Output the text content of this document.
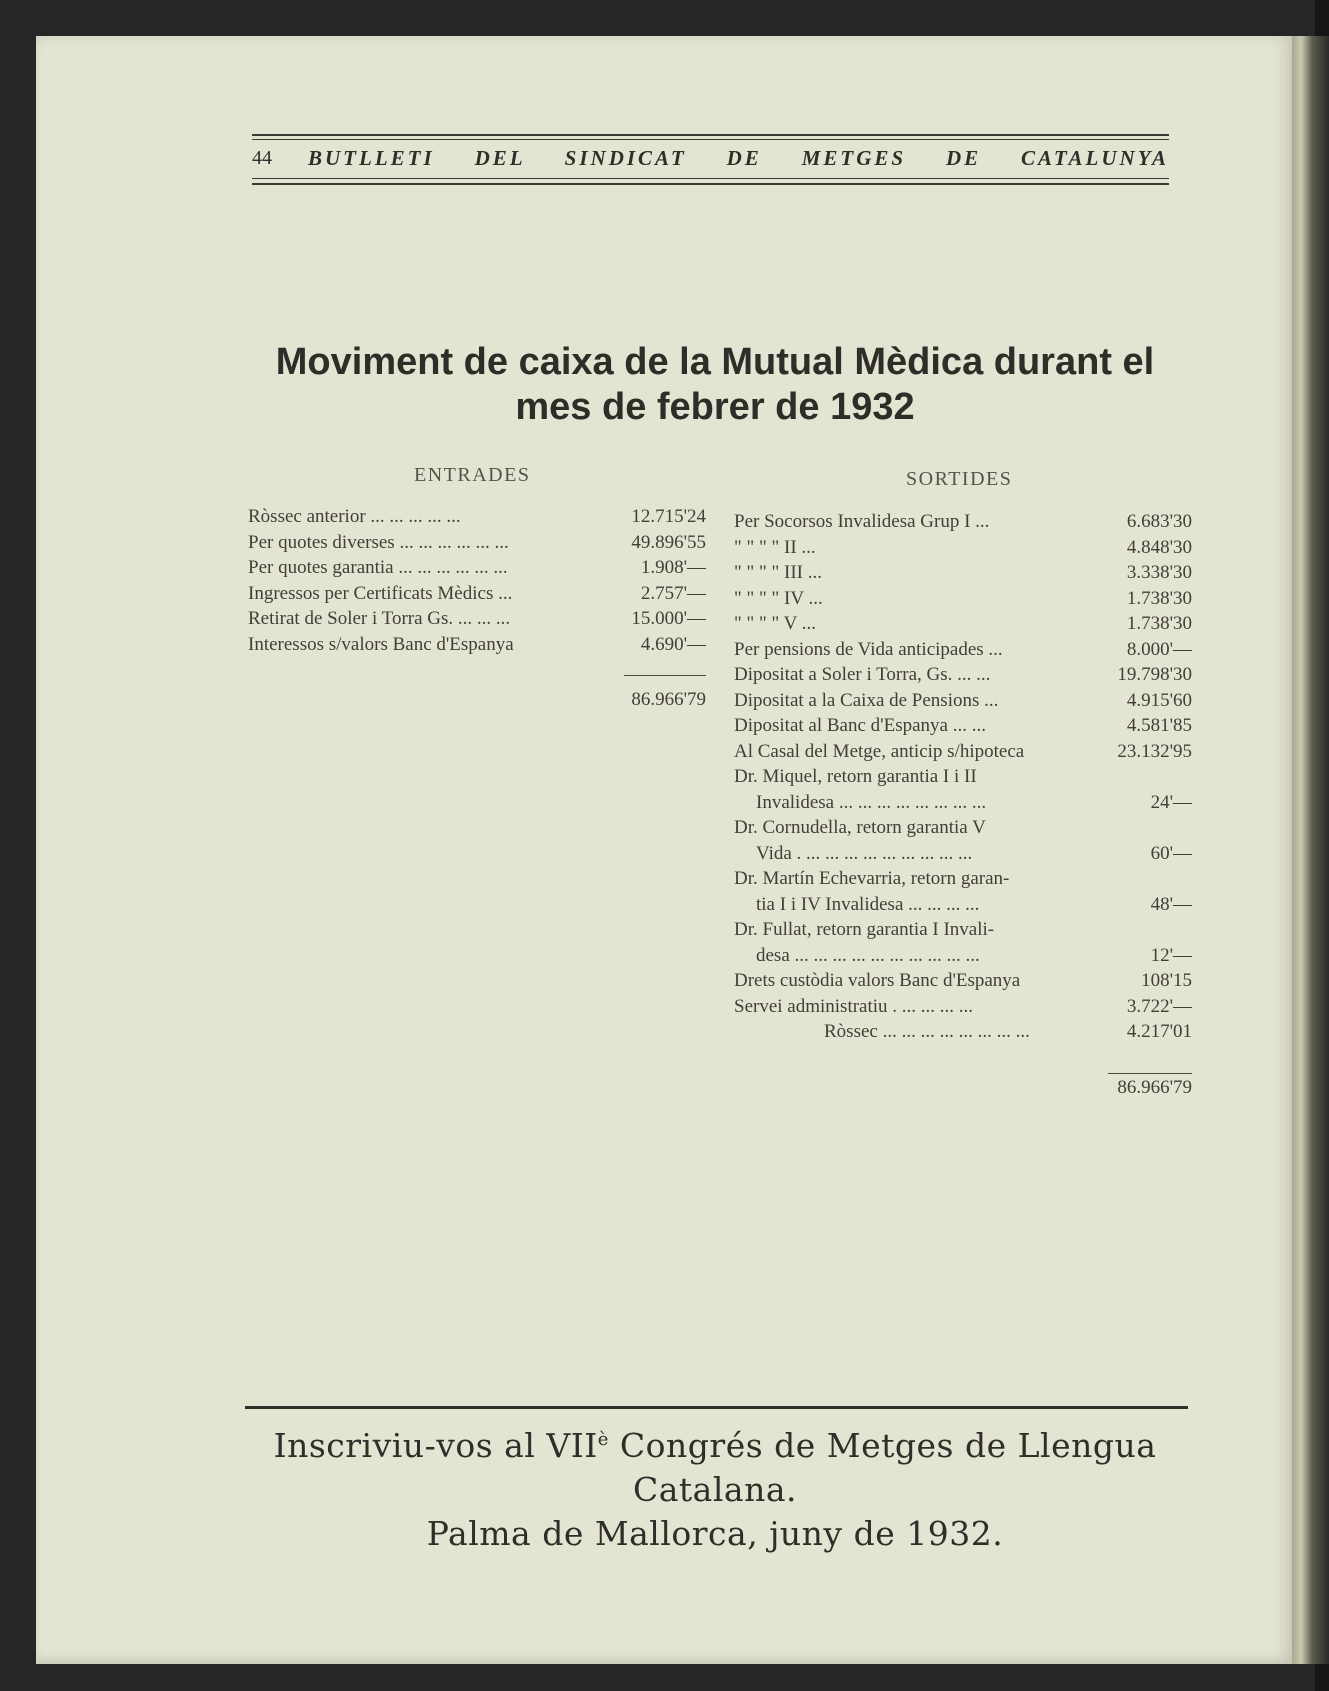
44 BUTLLETI DEL SINDICAT DE METGES DE CATALUNYA
Moviment de caixa de la Mutual Mèdica durant el
mes de febrer de 1932
ENTRADES	SORTIDES
Ròssec anterior ... ... ... ... ...	12.715'24
Per quotes diverses ... ... ... ... ... ...	49.896'55
Per quotes garantia ... ... ... ... ... ...	1.908'—
Ingressos per Certificats Mèdics ...	2.757'—
Retirat de Soler i Torra Gs. ... ... ...	15.000'—
Interessos s/valors Banc d'Espanya	4.690'—
86.966'79
Per Socorsos Invalidesa Grup I ...	6.683'30
" " " " II ...	4.848'30
" " " " III ...	3.338'30
" " " " IV ...	1.738'30
" " " " V ...	1.738'30
Per pensions de Vida anticipades ...	8.000'—
Dipositat a Soler i Torra, Gs. ... ...	19.798'30
Dipositat a la Caixa de Pensions ...	4.915'60
Dipositat al Banc d'Espanya ... ...	4.581'85
Al Casal del Metge, anticip s/hipoteca	23.132'95
Dr. Miquel, retorn garantia I i II
Invalidesa ... ... ... ... ... ... ... ...	24'—
Dr. Cornudella, retorn garantia V
Vida . ... ... ... ... ... ... ... ... ...	60'—
Dr. Martín Echevarria, retorn garan-
tia I i IV Invalidesa ... ... ... ...	48'—
Dr. Fullat, retorn garantia I Invali-
desa ... ... ... ... ... ... ... ... ... ...	12'—
Drets custòdia valors Banc d'Espanya	108'15
Servei administratiu . ... ... ... ...	3.722'—
Ròssec ... ... ... ... ... ... ... ...	4.217'01
86.966'79
Inscriviu-vos al $VII^è$ Congrés de Metges de Llengua Catalana.
Palma de Mallorca, juny de 1932.
